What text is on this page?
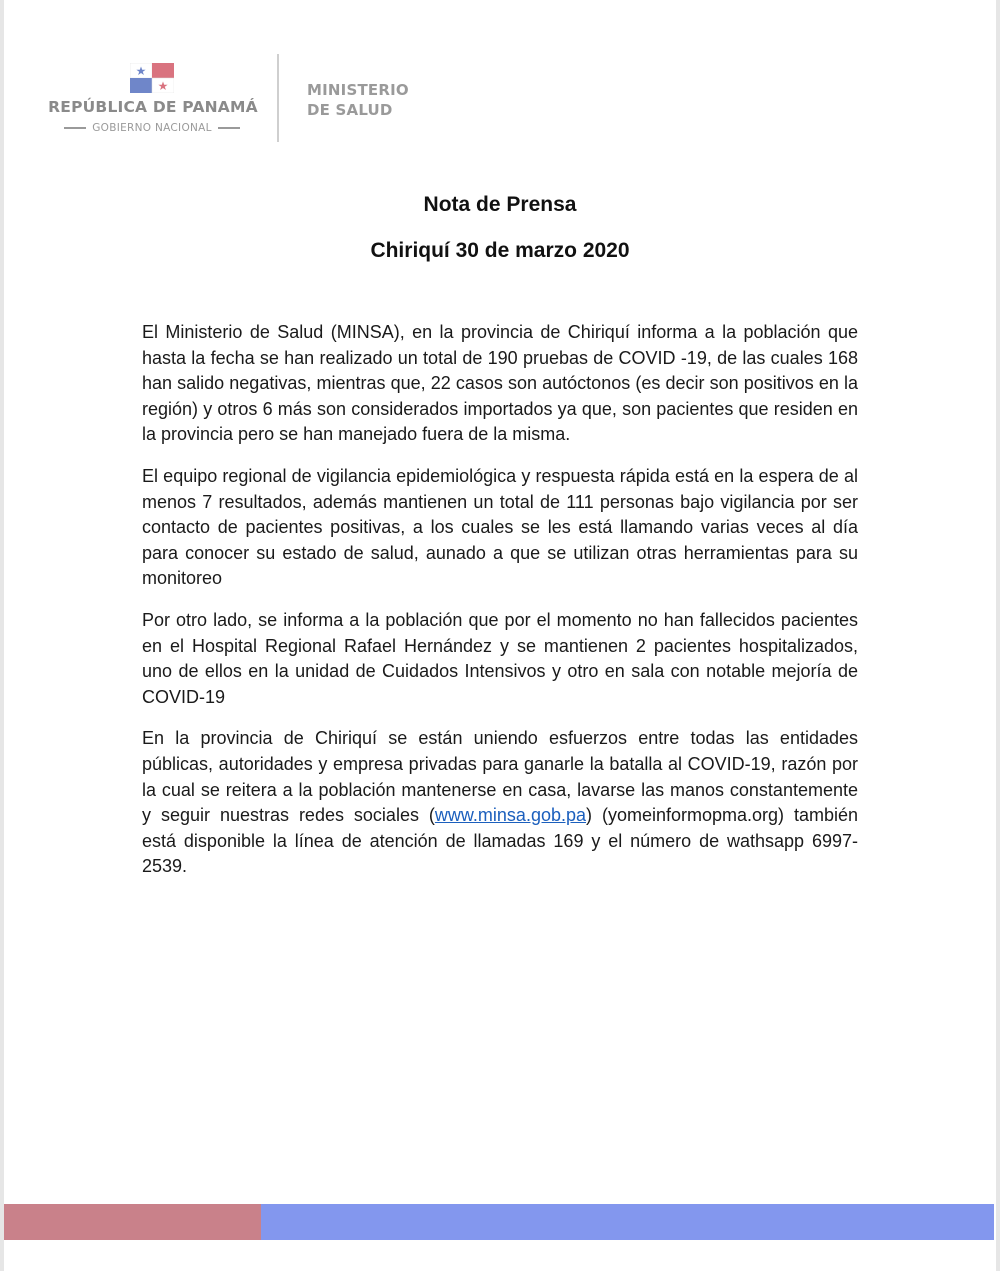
REPÚBLICA DE PANAMÁ
GOBIERNO NACIONAL
MINISTERIO
DE SALUD
Nota de Prensa
Chiriquí 30 de marzo 2020

El Ministerio de Salud (MINSA), en la provincia de Chiriquí informa a la población que hasta la fecha se han realizado un total de 190 pruebas de COVID -19, de las cuales 168 han salido negativas, mientras que, 22 casos son autóctonos (es decir son positivos en la región) y otros 6 más son considerados importados ya que, son pacientes que residen en la provincia pero se han manejado fuera de la misma.

El equipo regional de vigilancia epidemiológica y respuesta rápida está en la espera de al menos 7 resultados, además mantienen un total de 111 personas bajo vigilancia por ser contacto de pacientes positivas, a los cuales se les está llamando varias veces al día para conocer su estado de salud, aunado a que se utilizan otras herramientas para su monitoreo

Por otro lado, se informa a la población que por el momento no han fallecidos pacientes en el Hospital Regional Rafael Hernández y se mantienen 2 pacientes hospitalizados, uno de ellos en la unidad de Cuidados Intensivos y otro en sala con notable mejoría de COVID-19

En la provincia de Chiriquí se están uniendo esfuerzos entre todas las entidades públicas, autoridades y empresa privadas para ganarle la batalla al COVID-19, razón por la cual se reitera a la población mantenerse en casa, lavarse las manos constantemente y seguir nuestras redes sociales (www.minsa.gob.pa) (yomeinformopma.org) también está disponible la línea de atención de llamadas 169 y el número de wathsapp 6997-2539.
